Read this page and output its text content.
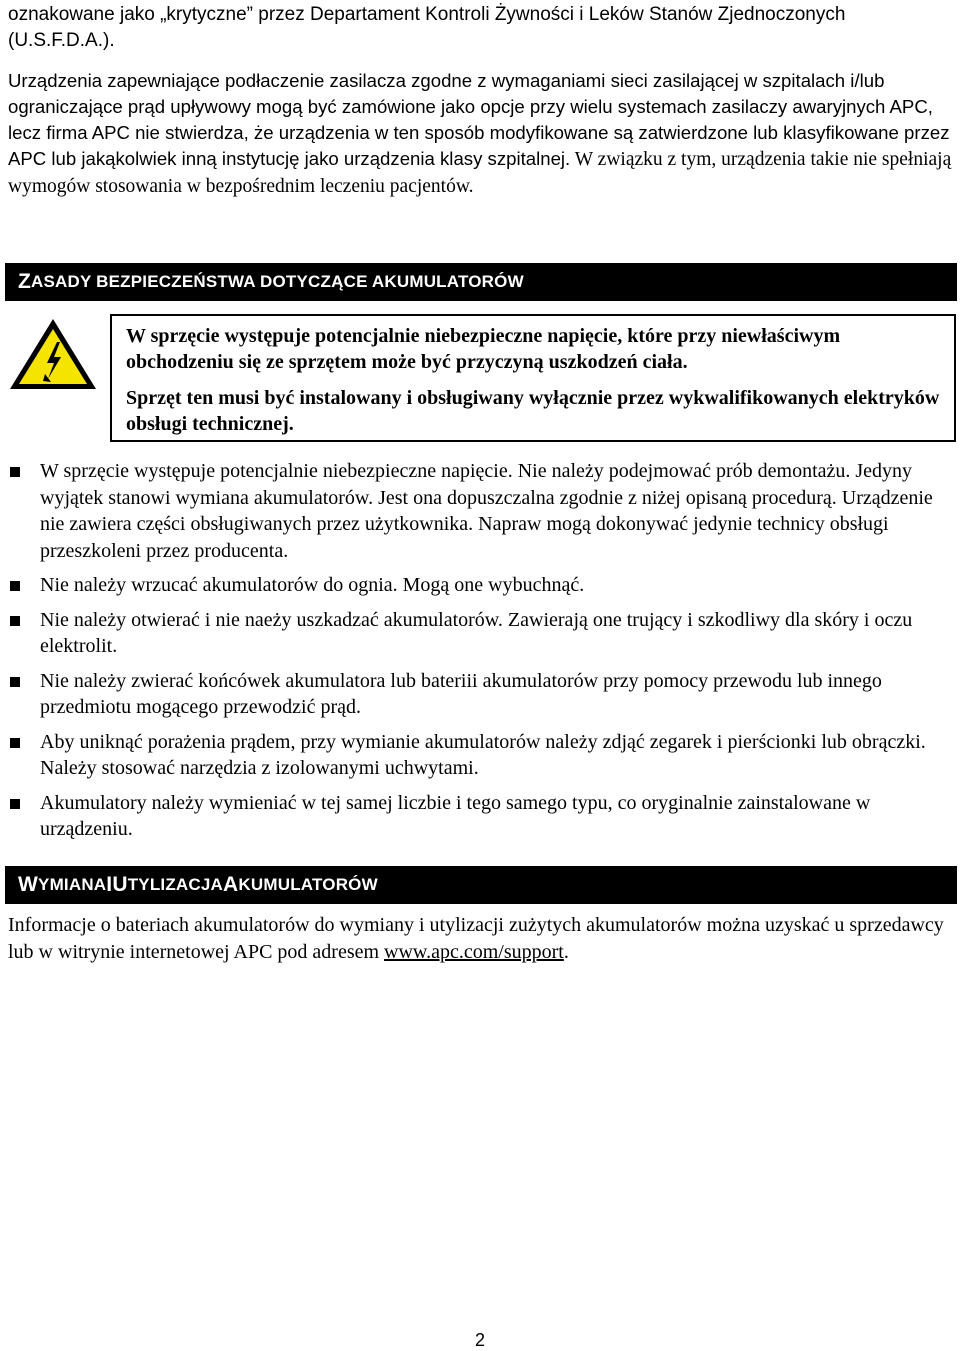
oznakowane jako „krytyczne” przez Departament Kontroli Żywności i Leków Stanów Zjednoczonych (U.S.F.D.A.).
Urządzenia zapewniające podłaczenie zasilacza zgodne z wymaganiami sieci zasilającej w szpitalach i/lub ograniczające prąd upływowy mogą być zamówione jako opcje przy wielu systemach zasilaczy awaryjnych APC, lecz firma APC nie stwierdza, że urządzenia w ten sposób modyfikowane są zatwierdzone lub klasyfikowane przez APC lub jakąkolwiek inną instytucję jako urządzenia klasy szpitalnej. W związku z tym, urządzenia takie nie spełniają wymogów stosowania w bezpośrednim leczeniu pacjentów.
Z ASADY BEZPIECZEŃSTWA DOTYCZĄCE AKUMULATORÓW

W sprzęcie występuje potencjalnie niebezpieczne napięcie, które przy niewłaściwym obchodzeniu się ze sprzętem może być przyczyną uszkodzeń ciała.

Sprzęt ten musi być instalowany i obsługiwany wyłącznie przez wykwalifikowanych elektryków obsługi technicznej.

W sprzęcie występuje potencjalnie niebezpieczne napięcie. Nie należy podejmować prób demontażu. Jedyny wyjątek stanowi wymiana akumulatorów. Jest ona dopuszczalna zgodnie z niżej opisaną procedurą. Urządzenie nie zawiera części obsługiwanych przez użytkownika. Napraw mogą dokonywać jedynie technicy obsługi przeszkoleni przez producenta.
Nie należy wrzucać akumulatorów do ognia. Mogą one wybuchnąć.
Nie należy otwierać i nie naeży uszkadzać akumulatorów. Zawierają one trujący i szkodliwy dla skóry i oczu elektrolit.
Nie należy zwierać końcówek akumulatora lub bateriii akumulatorów przy pomocy przewodu lub innego przedmiotu mogącego przewodzić prąd.
Aby uniknąć porażenia prądem, przy wymianie akumulatorów należy zdjąć zegarek i pierścionki lub obrączki. Należy stosować narzędzia z izolowanymi uchwytami.
Akumulatory należy wymieniać w tej samej liczbie i tego samego typu, co oryginalnie zainstalowane w urządzeniu.
W YMIANA I U TYLIZACJA A KUMULATORÓW
Informacje o bateriach akumulatorów do wymiany i utylizacji zużytych akumulatorów można uzyskać u sprzedawcy lub w witrynie internetowej APC pod adresem www.apc.com/support.
2
